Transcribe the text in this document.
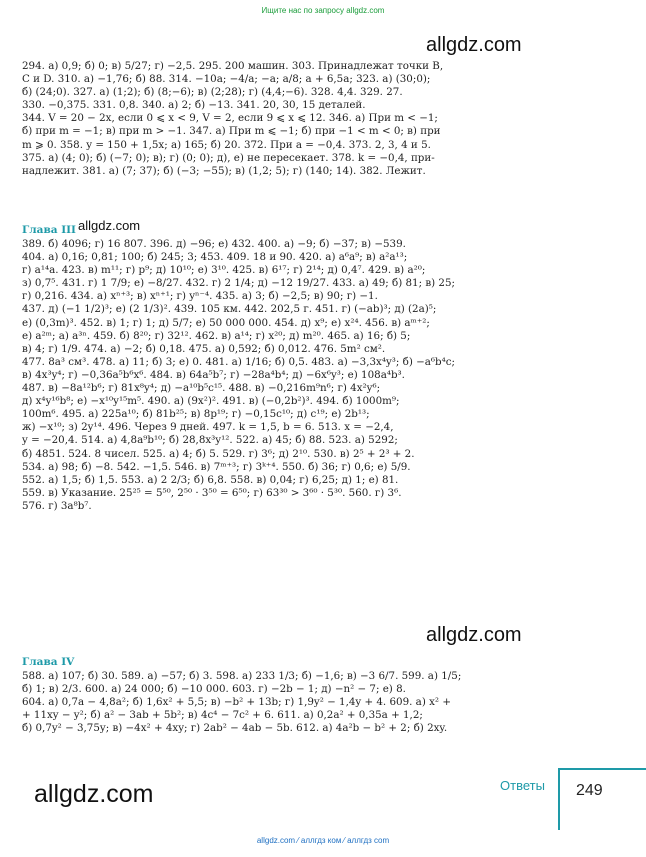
Ищите нас по запросу allgdz.com
allgdz.com
allgdz.com
allgdz.com
allgdz.com
294. а) 0,9; б) 0; в) 5/27; г) −2,5. 295. 200 машин. 303. Принадлежат точки B,
C и D. 310. а) −1,76; б) 88. 314. −10a; −4/a; −a; a/8; a + 6,5a; 323. а) (30;0);
б) (24;0). 327. а) (1;2); б) (8;−6); в) (2;28); г) (4,4;−6). 328. 4,4. 329. 27.
330. −0,375. 331. 0,8. 340. а) 2; б) −13. 341. 20, 30, 15 деталей.
344. V = 20 − 2x, если 0 ⩽ x < 9, V = 2, если 9 ⩽ x ⩽ 12. 346. а) При m < −1;
б) при m = −1; в) при m > −1. 347. а) При m ⩽ −1; б) при −1 < m < 0; в) при
m ⩾ 0. 358. y = 150 + 1,5x; а) 165; б) 20. 372. При a = −0,4. 373. 2, 3, 4 и 5.
375. а) (4; 0); б) (−7; 0); в); г) (0; 0); д), е) не пересекает. 378. k = −0,4, при-
надлежит. 381. а) (7; 37); б) (−3; −55); в) (1,2; 5); г) (140; 14). 382. Лежит.
Глава III
389. б) 4096; г) 16 807. 396. д) −96; е) 432. 400. а) −9; б) −37; в) −539.
404. а) 0,16; 0,81; 100; б) 245; 3; 453. 409. 18 и 90. 420. а) a⁶a⁹; в) a²a¹³;
г) a¹⁴a. 423. в) m¹¹; г) p⁹; д) 10¹⁰; е) 3¹⁰. 425. в) 6¹⁷; г) 2¹⁴; д) 0,4⁷. 429. в) a²⁰;
з) 0,7⁵. 431. г) 1 7/9; е) −8/27. 432. г) 2 1/4; д) −12 19/27. 433. а) 49; б) 81; в) 25;
г) 0,216. 434. а) xⁿ⁺³; в) xⁿ⁺¹; г) yⁿ⁻⁴. 435. а) 3; б) −2,5; в) 90; г) −1.
437. д) (−1 1/2)³; е) (2 1/3)². 439. 105 км. 442. 202,5 г. 451. г) (−ab)³; д) (2a)⁵;
е) (0,3m)³. 452. в) 1; г) 1; д) 5/7; е) 50 000 000. 454. д) x⁹; е) x²⁴. 456. в) aᵐ⁺²;
е) a²ᵐ; а) a³ⁿ. 459. б) 8²⁰; г) 32¹². 462. в) a¹⁴; г) x²⁰; д) m²⁰. 465. а) 16; б) 5;
в) 4; г) 1/9. 474. а) −2; б) 0,18. 475. а) 0,592; б) 0,012. 476. 5m² см².
477. 8a³ см³. 478. а) 11; б) 3; е) 0. 481. а) 1/16; б) 0,5. 483. а) −3,3x⁴y³; б) −a⁶b⁴c;
в) 4x³y⁴; г) −0,36a⁵b⁶x⁶. 484. в) 64a⁵b⁷; г) −28a⁴b⁴; д) −6x⁶y³; е) 108a⁴b³.
487. в) −8a¹²b⁶; г) 81x⁸y⁴; д) −a¹⁰b⁵c¹⁵. 488. в) −0,216m⁹n⁶; г) 4x²y⁶;
д) x⁴y¹⁶b⁸; е) −x¹⁰y¹⁵m⁵. 490. а) (9x²)². 491. в) (−0,2b²)³. 494. б) 1000m⁹;
100m⁶. 495. а) 225a¹⁰; б) 81b²⁵; в) 8p¹⁹; г) −0,15c¹⁰; д) c¹⁹; е) 2b¹³;
ж) −x¹⁰; з) 2y¹⁴. 496. Через 9 дней. 497. k = 1,5, b = 6. 513. x = −2,4,
y = −20,4. 514. а) 4,8a⁹b¹⁰; б) 28,8x³y¹². 522. а) 45; б) 88. 523. а) 5292;
б) 4851. 524. 8 чисел. 525. а) 4; б) 5. 529. г) 3⁶; д) 2¹⁰. 530. в) 2⁵ + 2³ + 2.
534. а) 98; б) −8. 542. −1,5. 546. в) 7ᵐ⁺³; г) 3ᵏ⁺⁴. 550. б) 36; г) 0,6; е) 5/9.
552. а) 1,5; б) 1,5. 553. а) 2 2/3; б) 6,8. 558. в) 0,04; г) 6,25; д) 1; е) 81.
559. в) Указание. 25²⁵ = 5⁵⁰, 2⁵⁰ · 3⁵⁰ = 6⁵⁰; г) 63³⁰ > 3⁶⁰ · 5³⁰. 560. г) 3⁶.
576. г) 3a⁸b⁷.
Глава IV
588. а) 107; б) 30. 589. а) −57; б) 3. 598. а) 233 1/3; б) −1,6; в) −3 6/7. 599. а) 1/5;
б) 1; в) 2/3. 600. а) 24 000; б) −10 000. 603. г) −2b − 1; д) −n² − 7; е) 8.
604. а) 0,7a − 4,8a²; б) 1,6x² + 5,5; в) −b² + 13b; г) 1,9y² − 1,4y + 4. 609. а) x² +
+ 11xy − y²; б) a² − 3ab + 5b²; в) 4c⁴ − 7c² + 6. 611. а) 0,2a² + 0,35a + 1,2;
б) 0,7y² − 3,75y; в) −4x² + 4xy; г) 2ab² − 4ab − 5b. 612. а) 4a²b − b² + 2; б) 2xy.
Ответы 249
allgdz.com ⁄ аллгдз ком ⁄ аллгдз com
